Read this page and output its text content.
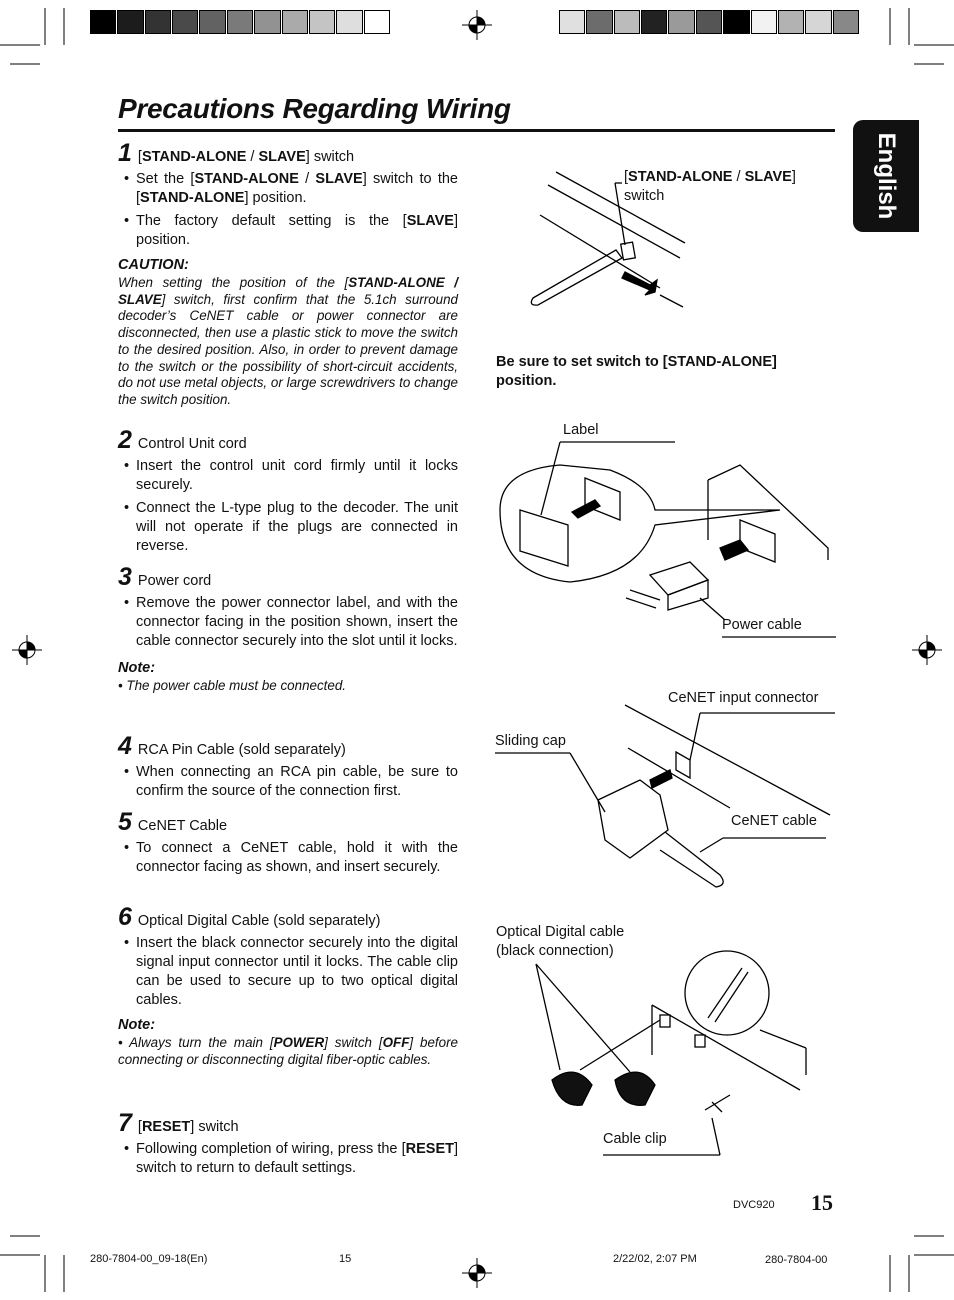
Precautions Regarding Wiring
English
1 [STAND-ALONE / SLAVE] switch
• Set the [STAND-ALONE / SLAVE] switch to the [STAND-ALONE] position.
• The factory default setting is the [SLAVE] position.
CAUTION:
When setting the position of the [STAND-ALONE / SLAVE] switch, first confirm that the 5.1ch surround decoder’s CeNET cable or power connector are disconnected, then use a plastic stick to move the switch to the desired position. Also, in order to prevent damage to the switch or the possibility of short-circuit accidents, do not use metal objects, or large screwdrivers to change the switch position.
2 Control Unit cord
• Insert the control unit cord firmly until it locks securely.
• Connect the L-type plug to the decoder. The unit will not operate if the plugs are connected in reverse.
3 Power cord
• Remove the power connector label, and with the connector facing in the position shown, insert the cable connector securely into the slot until it locks.
Note:
• The power cable must be connected.
4 RCA Pin Cable (sold separately)
• When connecting an RCA pin cable, be sure to confirm the source of the connection first.
5 CeNET Cable
• To connect a CeNET cable, hold it with the connector facing as shown, and insert securely.
6 Optical Digital Cable (sold separately)
• Insert the black connector securely into the digital signal input connector until it locks. The cable clip can be used to secure up to two optical digital cables.
Note:
• Always turn the main [POWER] switch [OFF] before connecting or disconnecting digital fiber-optic cables.
7 [RESET] switch
• Following completion of wiring, press the [RESET] switch to return to default settings.
[STAND-ALONE / SLAVE]
switch
Be sure to set switch to [STAND-ALONE] position.
Label
Power cable
CeNET input connector
Sliding cap
CeNET cable
Optical Digital cable
(black connection)
Cable clip
DVC920 15
280-7804-00_09-18(En)	15	2/22/02, 2:07 PM	280-7804-00
